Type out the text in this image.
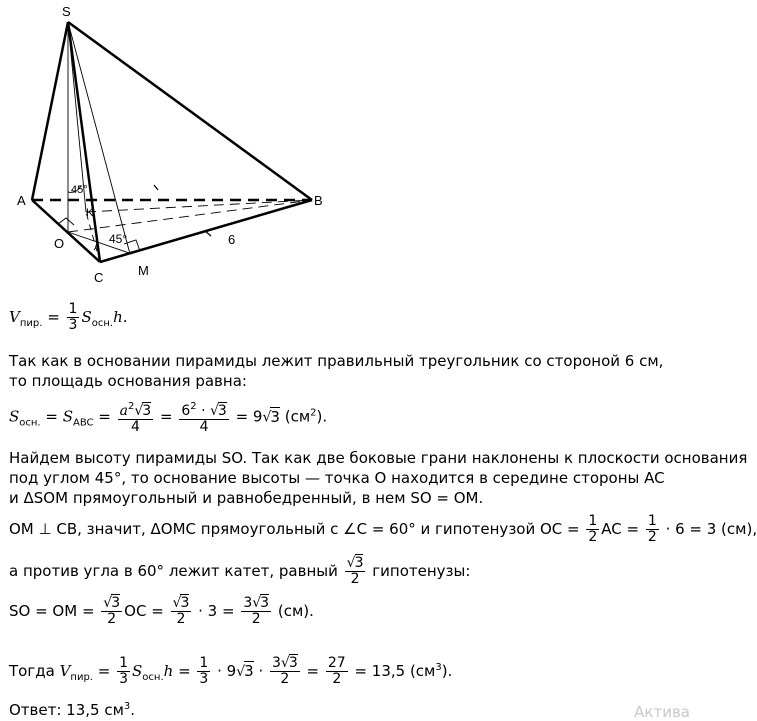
S
A	B
O
C	M
K
45°
45°	6
$V_{пир.} = \frac{1}{3} S_{осн.}h$.
Так как в основании пирамиды лежит правильный треугольник со стороной 6 см,
то площадь основания равна:
$S_{осн.} = S_{ABC} = \frac{a^2√3}{4} = \frac{6^2 \cdot √3}{4} = 9√3$ $(см^2)$.
Найдем высоту пирамиды SO. Так как две боковые грани наклонены к плоскости основания
под углом 45°, то основание высоты — точка O находится в середине стороны AC
и ΔSOM прямоугольный и равнобедренный, в нем SO = OM.
OM ⊥ CB, значит, ΔOMC прямоугольный с ∠C = 60° и гипотенузой OC = $\frac{1}{2}$ AC = $\frac{1}{2} \cdot 6 = 3$ (см),
а против угла в 60° лежит катет, равный $\frac{√3}{2}$ гипотенузы:
SO = OM = $\frac{√3}{2}$ OC = $\frac{√3}{2} \cdot 3 = \frac{3√3}{2} (см)$.
Тогда $V_{пир.} = \frac{1}{3} S_{осн.}h = \frac{1}{3} \cdot 9√3 \cdot \frac{3√3}{2} = \frac{27}{2} = 13,5$ $(см^3)$.
Ответ: 13,5 $см^3$.	Актива
